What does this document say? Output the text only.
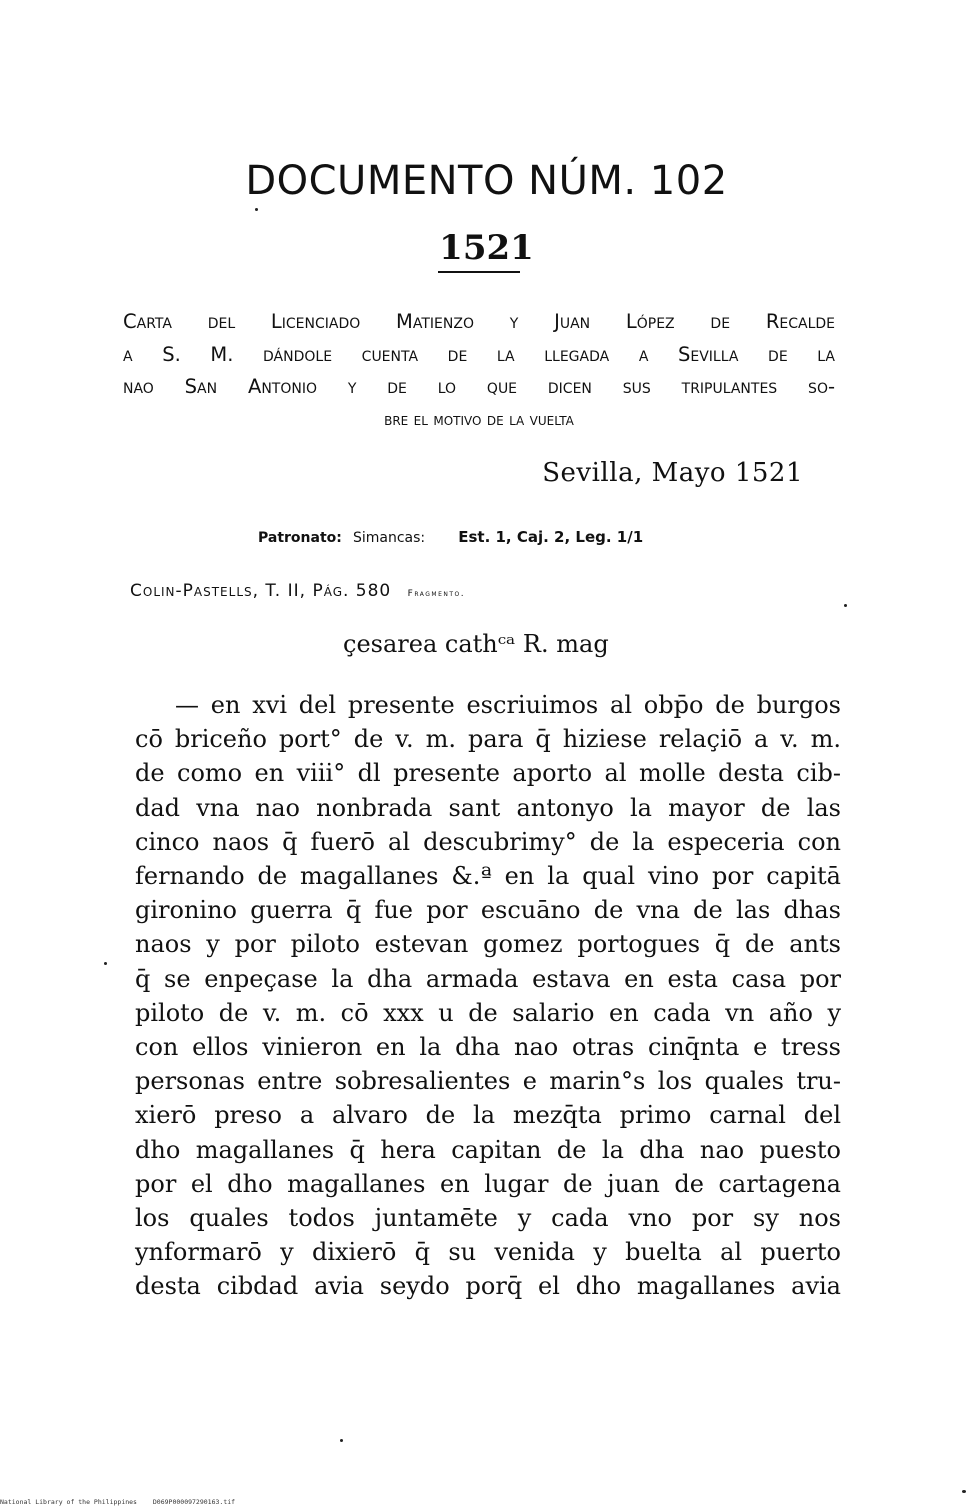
DOCUMENTO NÚM. 102
1521
Carta del Licenciado Matienzo y Juan López de Recalde
a S. M. dándole cuenta de la llegada a Sevilla de la
nao San Antonio y de lo que dicen sus tripulantes so-
bre el motivo de la vuelta

Sevilla, Mayo 1521

Patronato: Simancas: Est. 1, Caj. 2, Leg. 1/1

Colin-Pastells, T. II, Pág. 580 Fragmento.

çesarea cathᶜᵃ R. mag

— en xvi del presente escriuimos al obp̄o de burgos
cō briceño port° de v. m. para q̄ hiziese relaçiō a v. m.
de como en viii° dl presente aporto al molle desta cib-
dad vna nao nonbrada sant antonyo la mayor de las
cinco naos q̄ fuerō al descubrimy° de la especeria con
fernando de magallanes &.ª en la qual vino por capitā
gironino guerra q̄ fue por escuāno de vna de las dhas
naos y por piloto estevan gomez portogues q̄ de ants
q̄ se enpeçase la dha armada estava en esta casa por
piloto de v. m. cō xxx u de salario en cada vn año y
con ellos vinieron en la dha nao otras cinq̄nta e tress
personas entre sobresalientes e marin°s los quales tru-
xierō preso a alvaro de la mezq̄ta primo carnal del
dho magallanes q̄ hera capitan de la dha nao puesto
por el dho magallanes en lugar de juan de cartagena
los quales todos juntamēte y cada vno por sy nos
ynformarō y dixierō q̄ su venida y buelta al puerto
desta cibdad avia seydo porq̄ el dho magallanes avia
National Library of the Philippines D069P000097290163.tif
